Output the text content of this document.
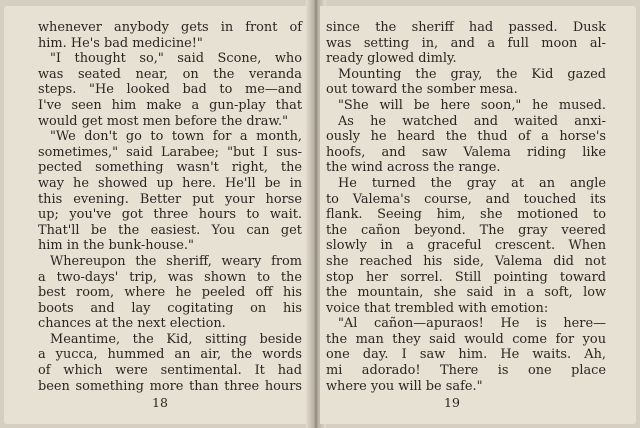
whenever anybody gets in front of
him. He's bad medicine!"
"I thought so," said Scone, who
was seated near, on the veranda
steps. "He looked bad to me—and
I've seen him make a gun-play that
would get most men before the draw."
"We don't go to town for a month,
sometimes," said Larabee; "but I sus-
pected something wasn't right, the
way he showed up here. He'll be in
this evening. Better put your horse
up; you've got three hours to wait.
That'll be the easiest. You can get
him in the bunk-house."
Whereupon the sheriff, weary from
a two-days' trip, was shown to the
best room, where he peeled off his
boots and lay cogitating on his
chances at the next election.
Meantime, the Kid, sitting beside
a yucca, hummed an air, the words
of which were sentimental. It had
been something more than three hours
18
since the sheriff had passed. Dusk
was setting in, and a full moon al-
ready glowed dimly.
Mounting the gray, the Kid gazed
out toward the somber mesa.
"She will be here soon," he mused.
As he watched and waited anxi-
ously he heard the thud of a horse's
hoofs, and saw Valema riding like
the wind across the range.
He turned the gray at an angle
to Valema's course, and touched its
flank. Seeing him, she motioned to
the cañon beyond. The gray veered
slowly in a graceful crescent. When
she reached his side, Valema did not
stop her sorrel. Still pointing toward
the mountain, she said in a soft, low
voice that trembled with emotion:
"Al cañon—apuraos! He is here—
the man they said would come for you
one day. I saw him. He waits. Ah,
mi adorado! There is one place
where you will be safe."
19
